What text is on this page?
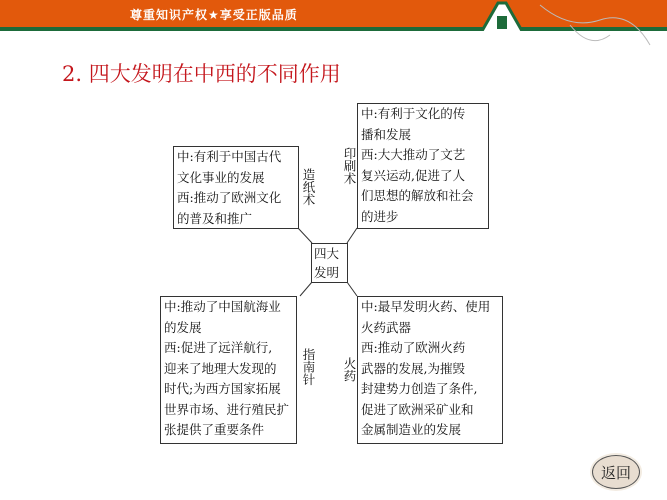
尊重知识产权★享受正版品质
2. 四大发明在中西的不同作用
四大
发明
中:有利于中国古代
文化事业的发展
西:推动了欧洲文化
的普及和推广
造纸术
中:有利于文化的传
播和发展
西:大大推动了文艺
复兴运动,促进了人
们思想的解放和社会
的进步
印刷术
中:推动了中国航海业
的发展
西:促进了远洋航行,
迎来了地理大发现的
时代;为西方国家拓展
世界市场、进行殖民扩
张提供了重要条件
指南针
中:最早发明火药、使用
火药武器
西:推动了欧洲火药
武器的发展,为摧毁
封建势力创造了条件,
促进了欧洲采矿业和
金属制造业的发展
火药
返回
